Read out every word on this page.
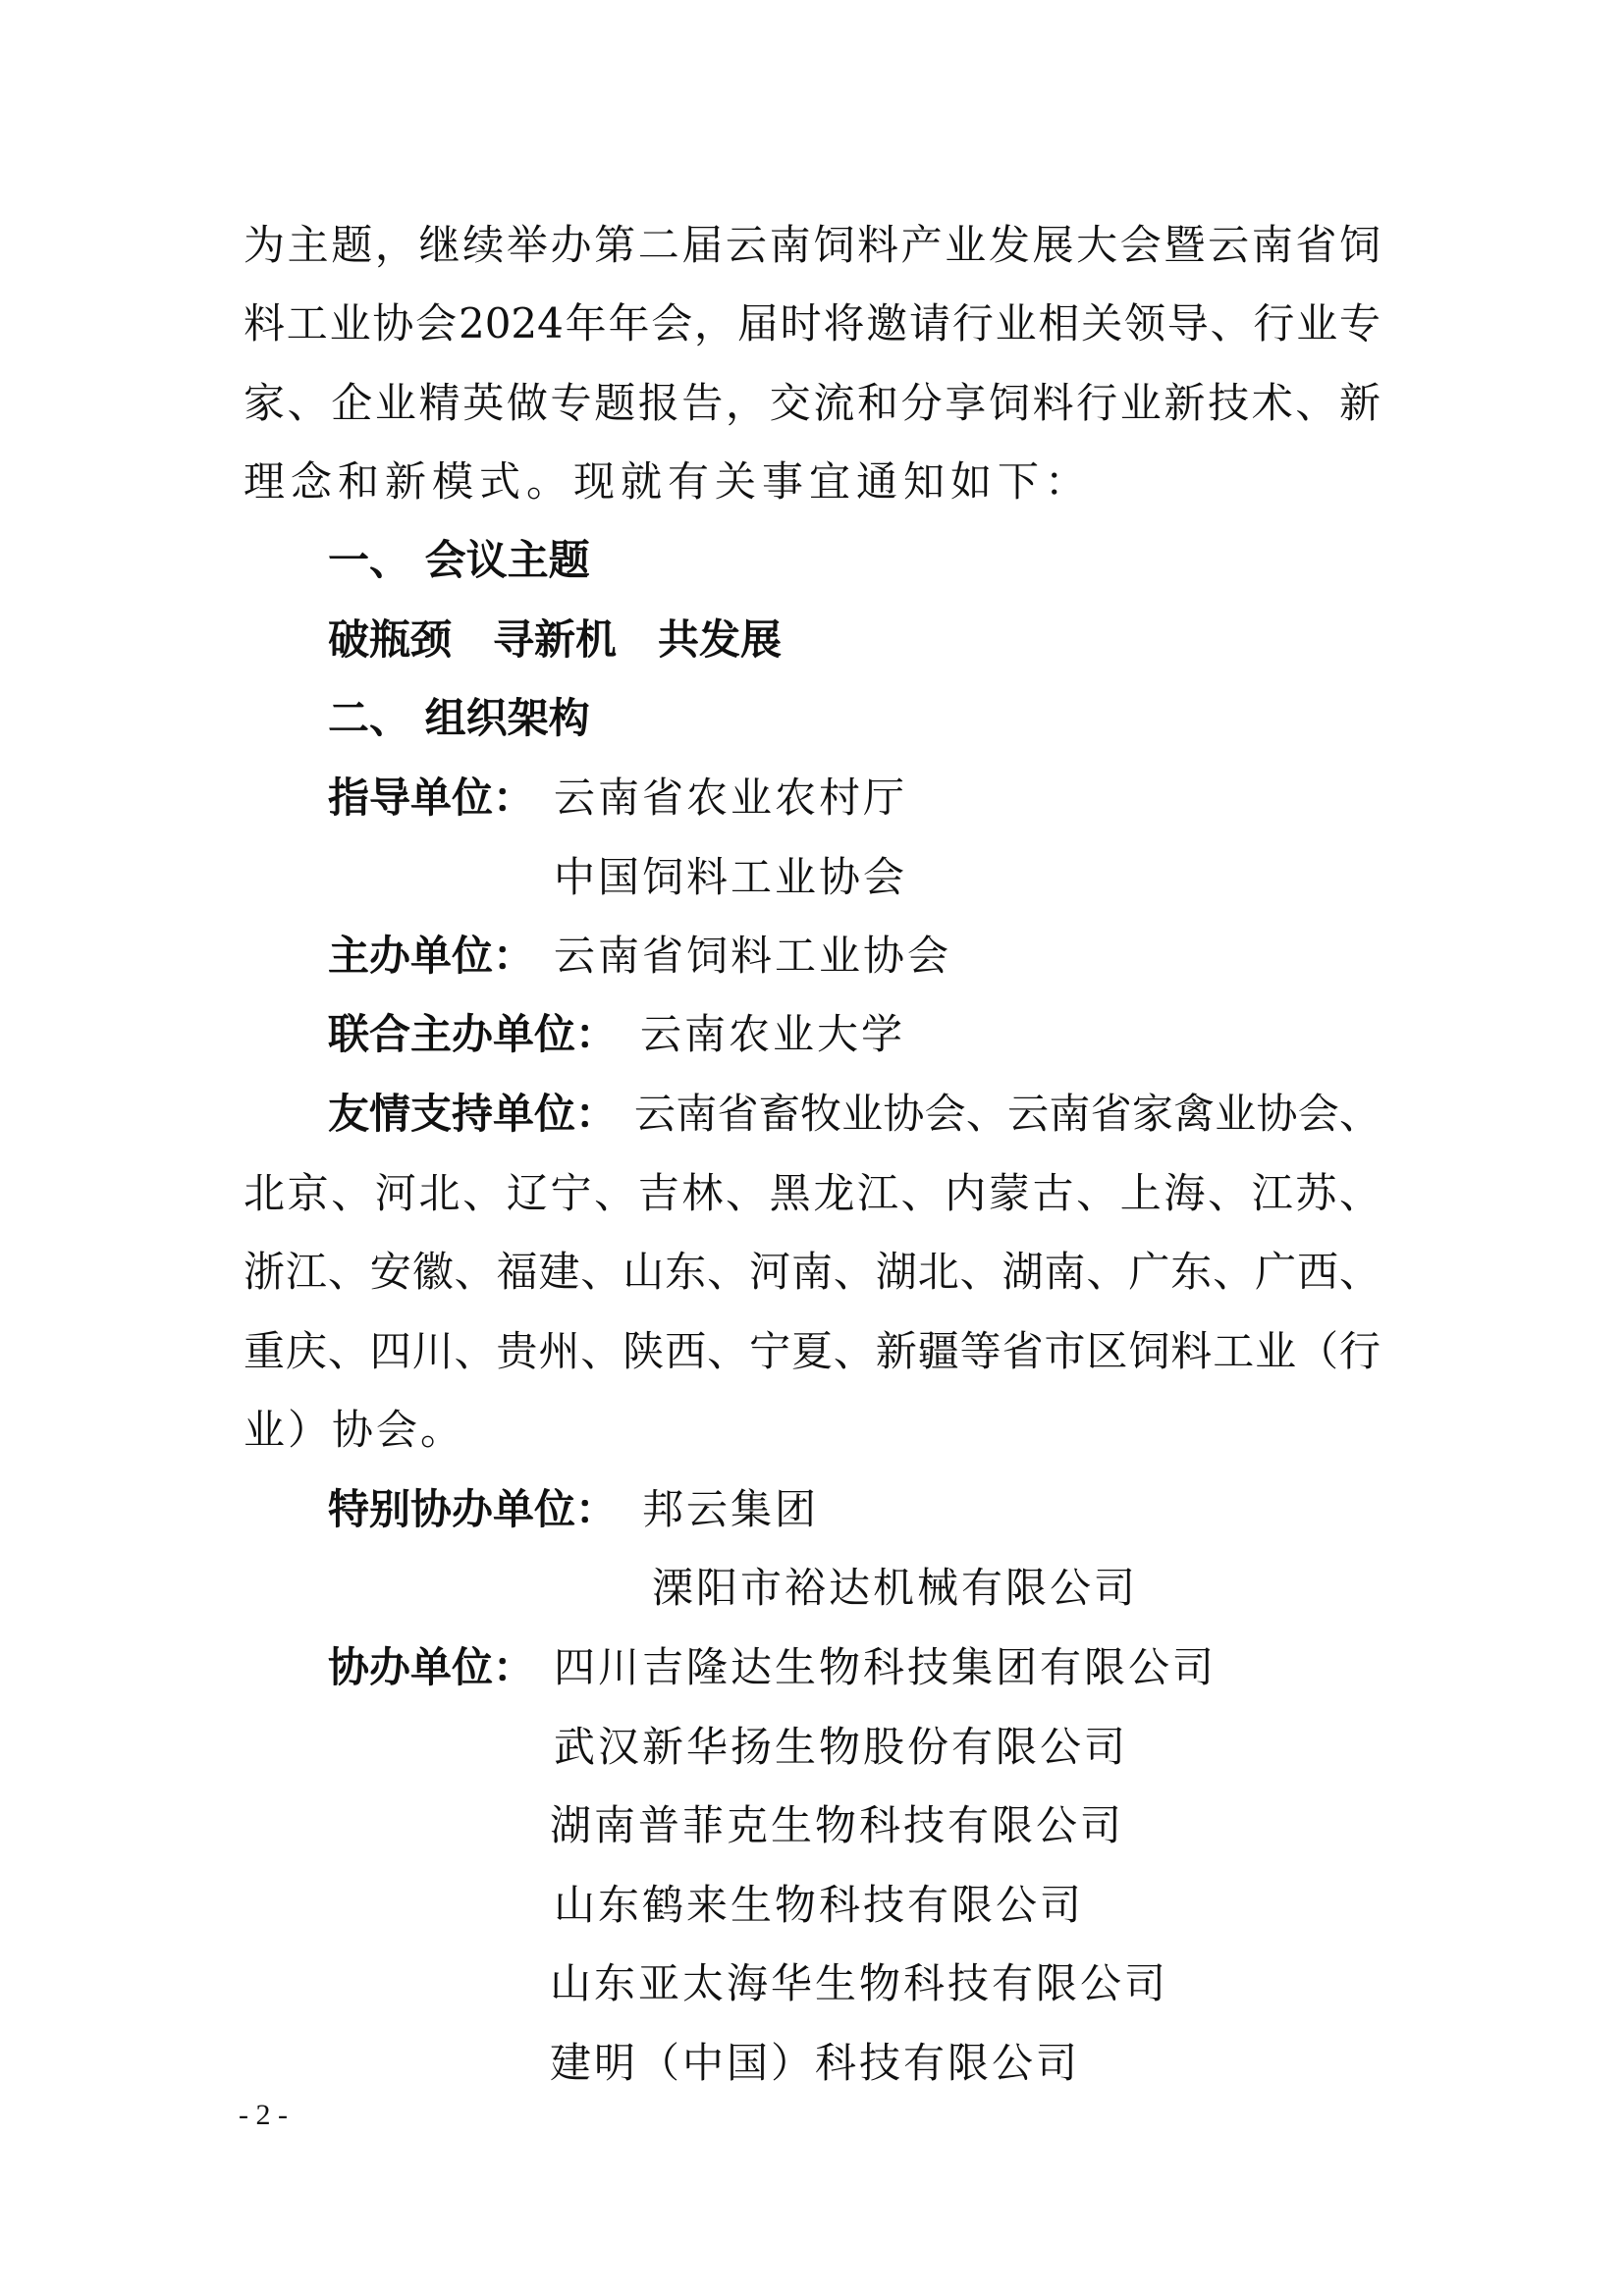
为主题，继续举办第二届云南饲料产业发展大会暨云南省饲
料工业协会2024年年会，届时将邀请行业相关领导、行业专
家、企业精英做专题报告，交流和分享饲料行业新技术、新
理念和新模式。现就有关事宜通知如下：
一、 会议主题
破瓶颈　寻新机　共发展
二、 组织架构
指导单位： 云南省农业农村厅
中国饲料工业协会
主办单位： 云南省饲料工业协会
联合主办单位： 云南农业大学
友情支持单位： 云南省畜牧业协会、云南省家禽业协会、
北京、河北、辽宁、吉林、黑龙江、内蒙古、上海、江苏、
浙江、安徽、福建、山东、河南、湖北、湖南、广东、广西、
重庆、四川、贵州、陕西、宁夏、新疆等省市区饲料工业（行
业）协会。
特别协办单位： 邦云集团
溧阳市裕达机械有限公司
协办单位： 四川吉隆达生物科技集团有限公司
武汉新华扬生物股份有限公司
湖南普菲克生物科技有限公司
山东鹤来生物科技有限公司
山东亚太海华生物科技有限公司
建明（中国）科技有限公司
- 2 -
